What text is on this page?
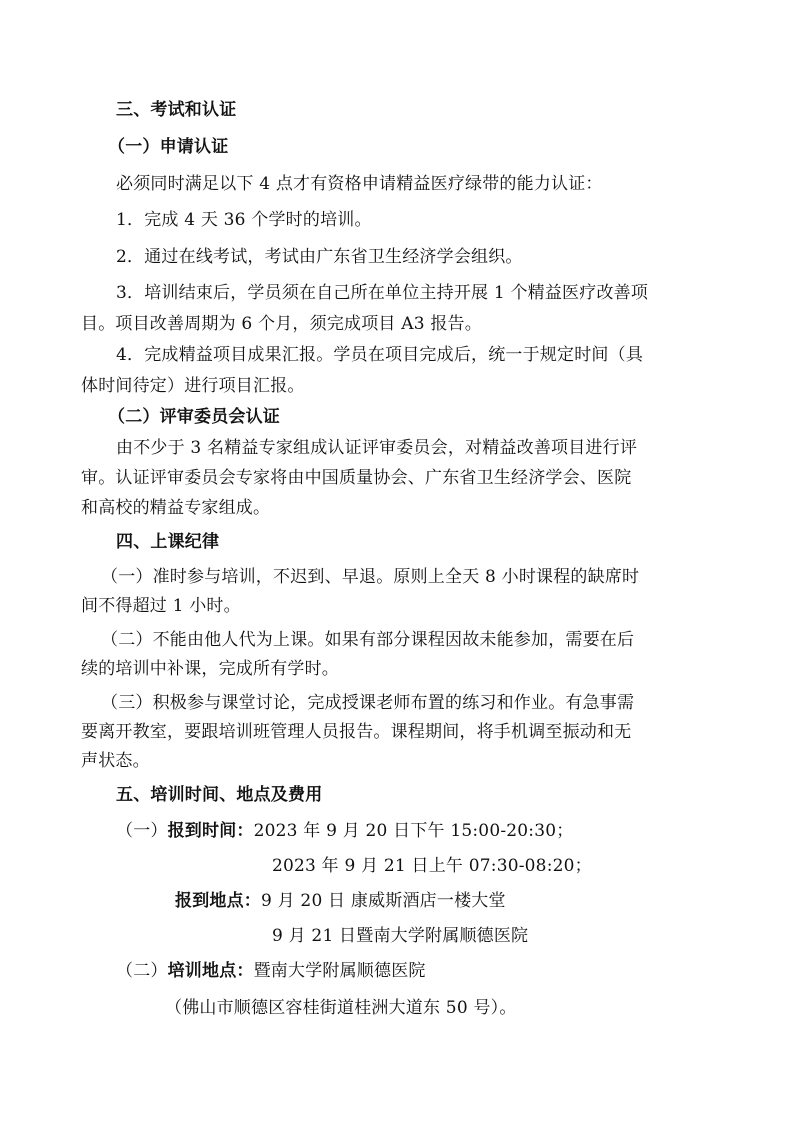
三、考试和认证

（一）申请认证

必须同时满足以下 4 点才有资格申请精益医疗绿带的能力认证：

1．完成 4 天 36 个学时的培训。

2．通过在线考试，考试由广东省卫生经济学会组织。

3．培训结束后，学员须在自己所在单位主持开展 1 个精益医疗改善项

目。项目改善周期为 6 个月，须完成项目 A3 报告。

4．完成精益项目成果汇报。学员在项目完成后，统一于规定时间（具

体时间待定）进行项目汇报。

（二）评审委员会认证

由不少于 3 名精益专家组成认证评审委员会，对精益改善项目进行评

审。认证评审委员会专家将由中国质量协会、广东省卫生经济学会、医院

和高校的精益专家组成。

四、上课纪律

（一）准时参与培训，不迟到、早退。原则上全天 8 小时课程的缺席时

间不得超过 1 小时。

（二）不能由他人代为上课。如果有部分课程因故未能参加，需要在后

续的培训中补课，完成所有学时。

（三）积极参与课堂讨论，完成授课老师布置的练习和作业。有急事需

要离开教室，要跟培训班管理人员报告。课程期间，将手机调至振动和无

声状态。

五、培训时间、地点及费用

（一）报到时间：2023 年 9 月 20 日下午 15:00-20:30；

2023 年 9 月 21 日上午 07:30-08:20；

报到地点：9 月 20 日 康威斯酒店一楼大堂

9 月 21 日暨南大学附属顺德医院

（二）培训地点：暨南大学附属顺德医院

（佛山市顺德区容桂街道桂洲大道东 50 号）。
